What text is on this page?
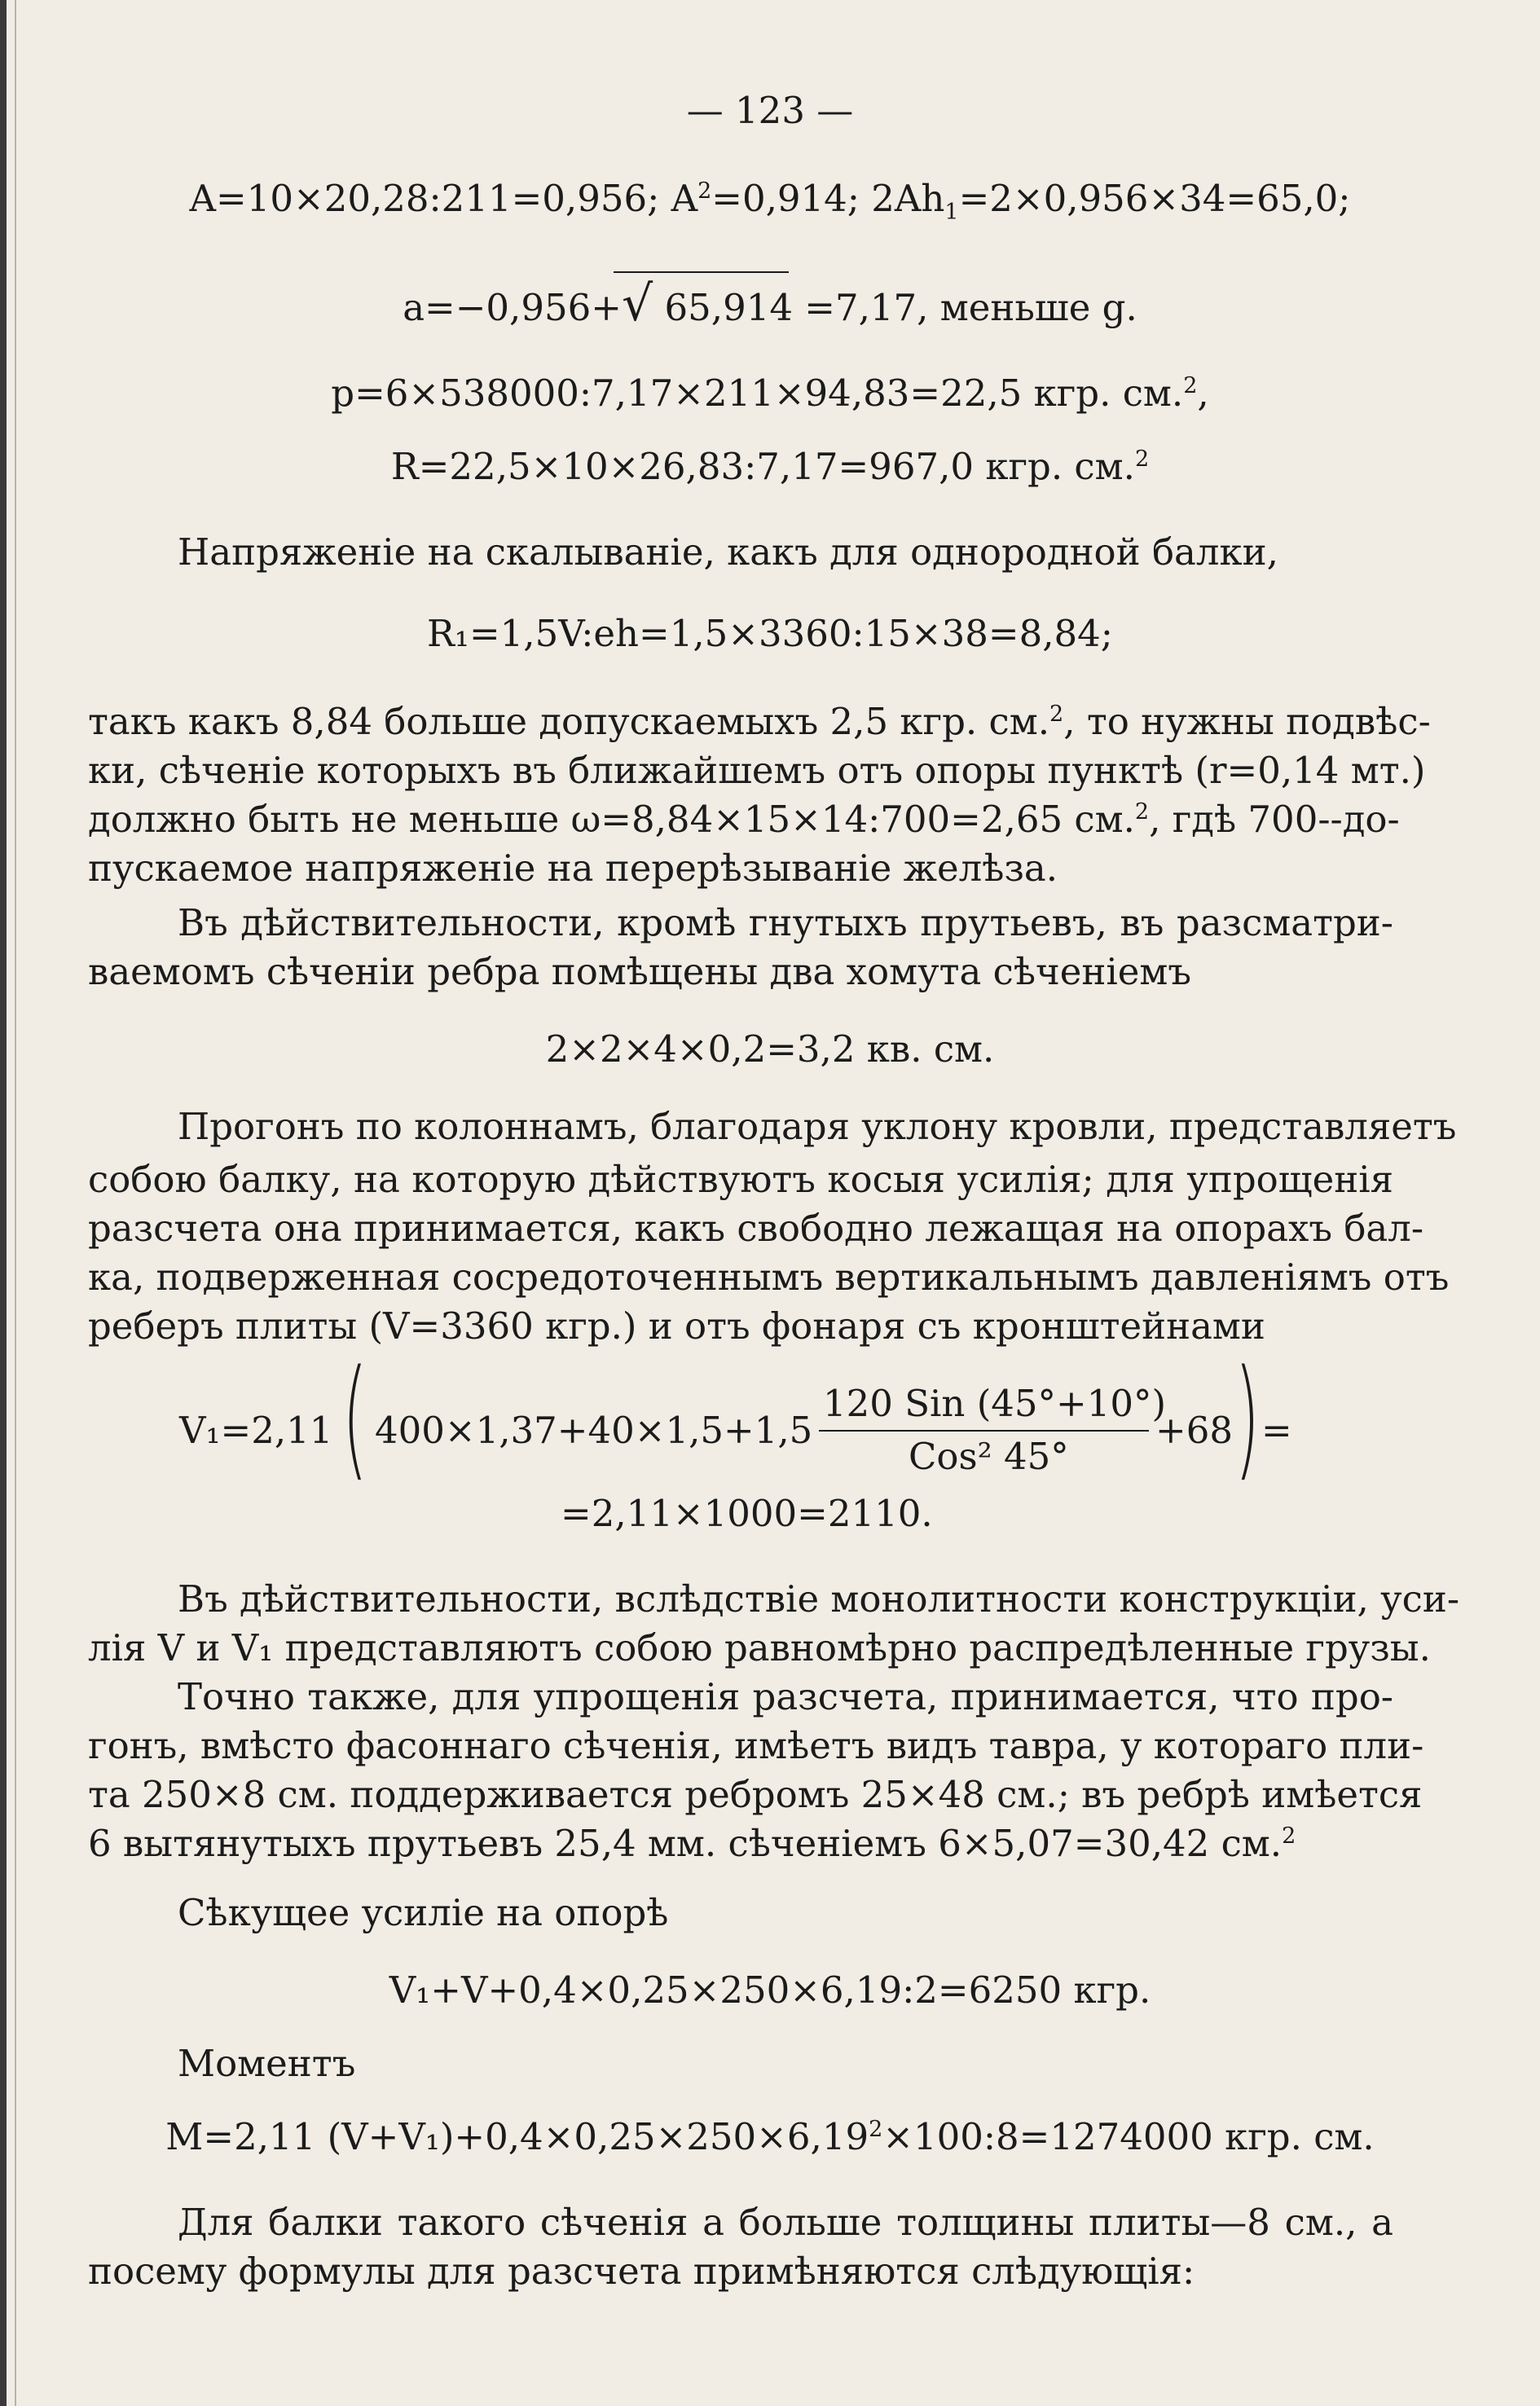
— 123 —
A=10×20,28:211=0,956; $A^2=0,914$; $2Ah_1=2\times 0,956\times 34=65,0$;
a=−0,956+√ 65,914 =7,17, меньше g.
p=6×538000:7,17×211×94,83=22,5 кгр. см.$^2$,
R=22,5×10×26,83:7,17=967,0 кгр. см.$^2$
Напряженіе на скалываніе, какъ для однородной балки,
R₁=1,5V:eh=1,5×3360:15×38=8,84;
такъ какъ 8,84 больше допускаемыхъ 2,5 кгр. см.$^2$, то нужны подвѣс-
ки, сѣченіе которыхъ въ ближайшемъ отъ опоры пунктѣ (r=0,14 мт.)
должно быть не меньше ω=8,84×15×14:700=2,65 см.$^2$, гдѣ 700--до-
пускаемое напряженіе на перерѣзываніе желѣза.
Въ дѣйствительности, кромѣ гнутыхъ прутьевъ, въ разсматри-
ваемомъ сѣченіи ребра помѣщены два хомута сѣченіемъ
2×2×4×0,2=3,2 кв. см.
Прогонъ по колоннамъ, благодаря уклону кровли, представляетъ
собою балку, на которую дѣйствуютъ косыя усилія; для упрощенія
разсчета она принимается, какъ свободно лежащая на опорахъ бал-
ка, подверженная сосредоточеннымъ вертикальнымъ давленіямъ отъ
реберъ плиты (V=3360 кгр.) и отъ фонаря съ кронштейнами
V₁=2,11 ( 400×1,37+40×1,5+1,5
120 Sin (45°+10°)
Cos² 45°
+68 ) =
=2,11×1000=2110.
Въ дѣйствительности, вслѣдствіе монолитности конструкціи, уси-
лія V и V₁ представляютъ собою равномѣрно распредѣленные грузы.
Точно также, для упрощенія разсчета, принимается, что про-
гонъ, вмѣсто фасоннаго сѣченія, имѣетъ видъ тавра, у котораго пли-
та 250×8 см. поддерживается ребромъ 25×48 см.; въ ребрѣ имѣется
6 вытянутыхъ прутьевъ 25,4 мм. сѣченіемъ 6×5,07=30,42 см.$^2$
Сѣкущее усиліе на опорѣ
V₁+V+0,4×0,25×250×6,19:2=6250 кгр.
Моментъ
M=2,11 $(V+V_1)+0,4\times 0,25\times 250\times 6,19^2\times 100:8=1274000$ кгр. см.
Для балки такого сѣченія а больше толщины плиты—8 см., а
посему формулы для разсчета примѣняются слѣдующія:
